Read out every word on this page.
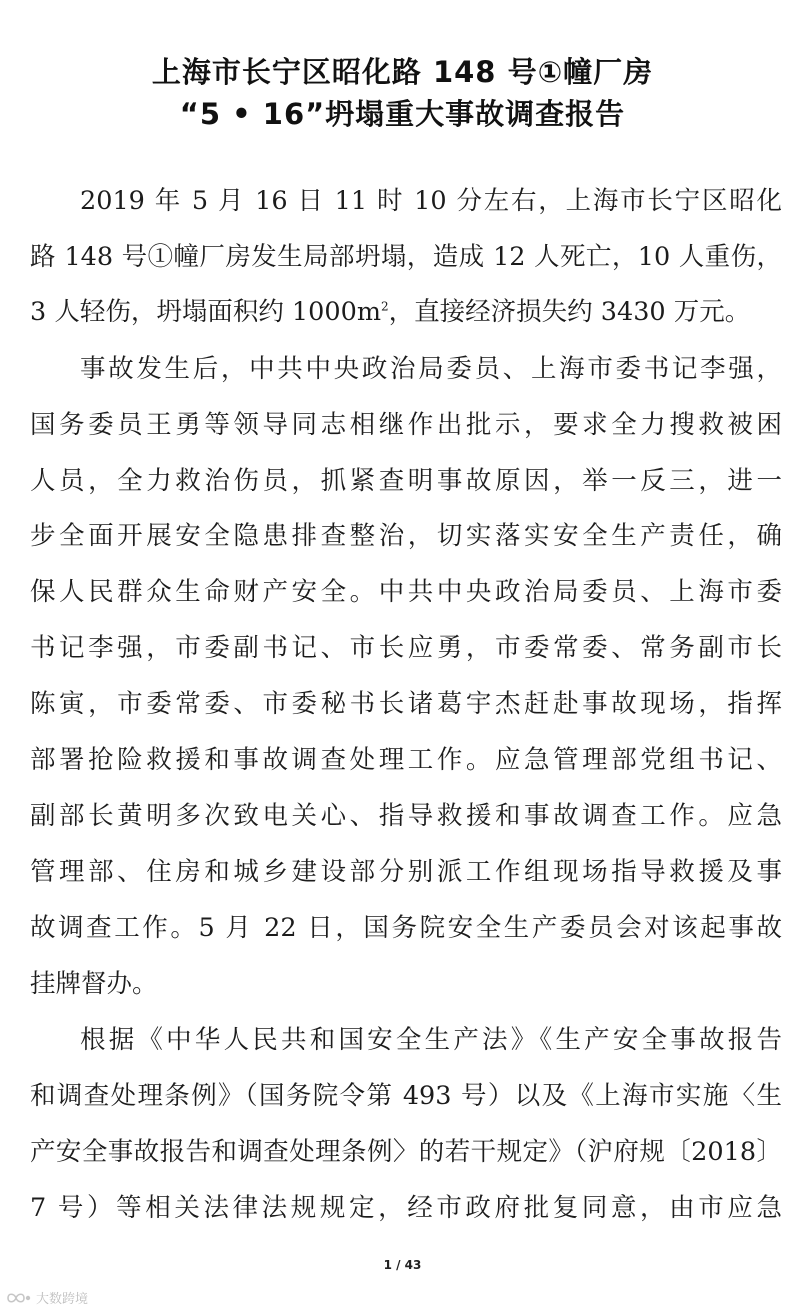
上海市长宁区昭化路 148 号①幢厂房
“5 • 16”坍塌重大事故调查报告
2019 年 5 月 16 日 11 时 10 分左右，上海市长宁区昭化
路 148 号①幢厂房发生局部坍塌，造成 12 人死亡，10 人重伤，
3 人轻伤，坍塌面积约 $1000m^2$，直接经济损失约 3430 万元。
事故发生后，中共中央政治局委员、上海市委书记李强，
国务委员王勇等领导同志相继作出批示，要求全力搜救被困
人员，全力救治伤员，抓紧查明事故原因，举一反三，进一
步全面开展安全隐患排查整治，切实落实安全生产责任，确
保人民群众生命财产安全。中共中央政治局委员、上海市委
书记李强，市委副书记、市长应勇，市委常委、常务副市长
陈寅，市委常委、市委秘书长诸葛宇杰赶赴事故现场，指挥
部署抢险救援和事故调查处理工作。应急管理部党组书记、
副部长黄明多次致电关心、指导救援和事故调查工作。应急
管理部、住房和城乡建设部分别派工作组现场指导救援及事
故调查工作。5 月 22 日，国务院安全生产委员会对该起事故
挂牌督办。
根据《中华人民共和国安全生产法》《生产安全事故报告
和调查处理条例》（国务院令第 493 号）以及《上海市实施〈生
产安全事故报告和调查处理条例〉的若干规定》（沪府规〔2018〕
7 号）等相关法律法规规定，经市政府批复同意，由市应急
1 / 43
大数跨境
